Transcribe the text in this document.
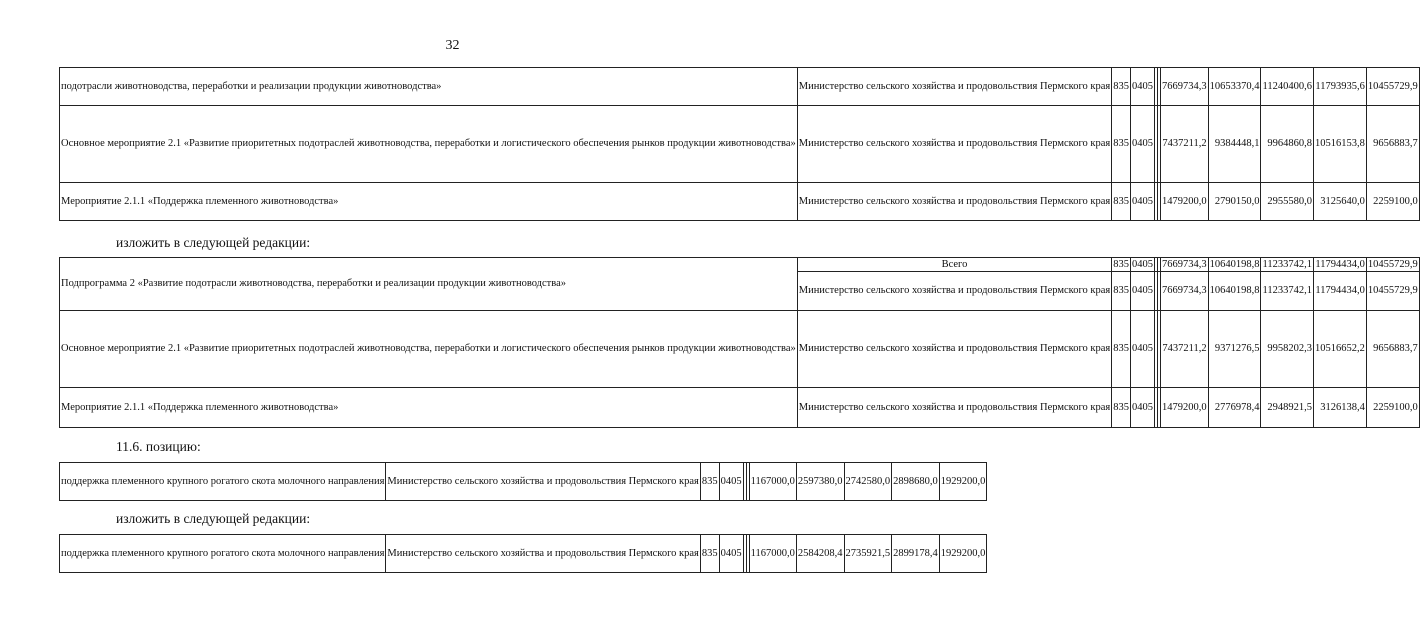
32
подотрасли животноводства, переработки и реализации продукции животноводства»	Министерство сельского хозяйства и продовольствия Пермского края	835	0405			7669734,3	10653370,4	11240400,6	11793935,6	10455729,9
Основное мероприятие 2.1 «Развитие приоритетных подотраслей животноводства, переработки и логистического обеспечения рынков продукции животноводства»	Министерство сельского хозяйства и продовольствия Пермского края	835	0405			7437211,2	9384448,1	9964860,8	10516153,8	9656883,7
Мероприятие 2.1.1 «Поддержка племенного животноводства»	Министерство сельского хозяйства и продовольствия Пермского края	835	0405			1479200,0	2790150,0	2955580,0	3125640,0	2259100,0
изложить в следующей редакции:
Подпрограмма 2 «Развитие подотрасли животноводства, переработки и реализации продукции животноводства»	Всего	835	0405			7669734,3	10640198,8	11233742,1	11794434,0	10455729,9
	Министерство сельского хозяйства и продовольствия Пермского края	835	0405			7669734,3	10640198,8	11233742,1	11794434,0	10455729,9
Основное мероприятие 2.1 «Развитие приоритетных подотраслей животноводства, переработки и логистического обеспечения рынков продукции животноводства»	Министерство сельского хозяйства и продовольствия Пермского края	835	0405			7437211,2	9371276,5	9958202,3	10516652,2	9656883,7
Мероприятие 2.1.1 «Поддержка племенного животноводства»	Министерство сельского хозяйства и продовольствия Пермского края	835	0405			1479200,0	2776978,4	2948921,5	3126138,4	2259100,0
11.6. позицию:
поддержка племенного крупного рогатого скота молочного направления	Министерство сельского хозяйства и продовольствия Пермского края	835	0405			1167000,0	2597380,0	2742580,0	2898680,0	1929200,0
изложить в следующей редакции:
поддержка племенного крупного рогатого скота молочного направления	Министерство сельского хозяйства и продовольствия Пермского края	835	0405			1167000,0	2584208,4	2735921,5	2899178,4	1929200,0
